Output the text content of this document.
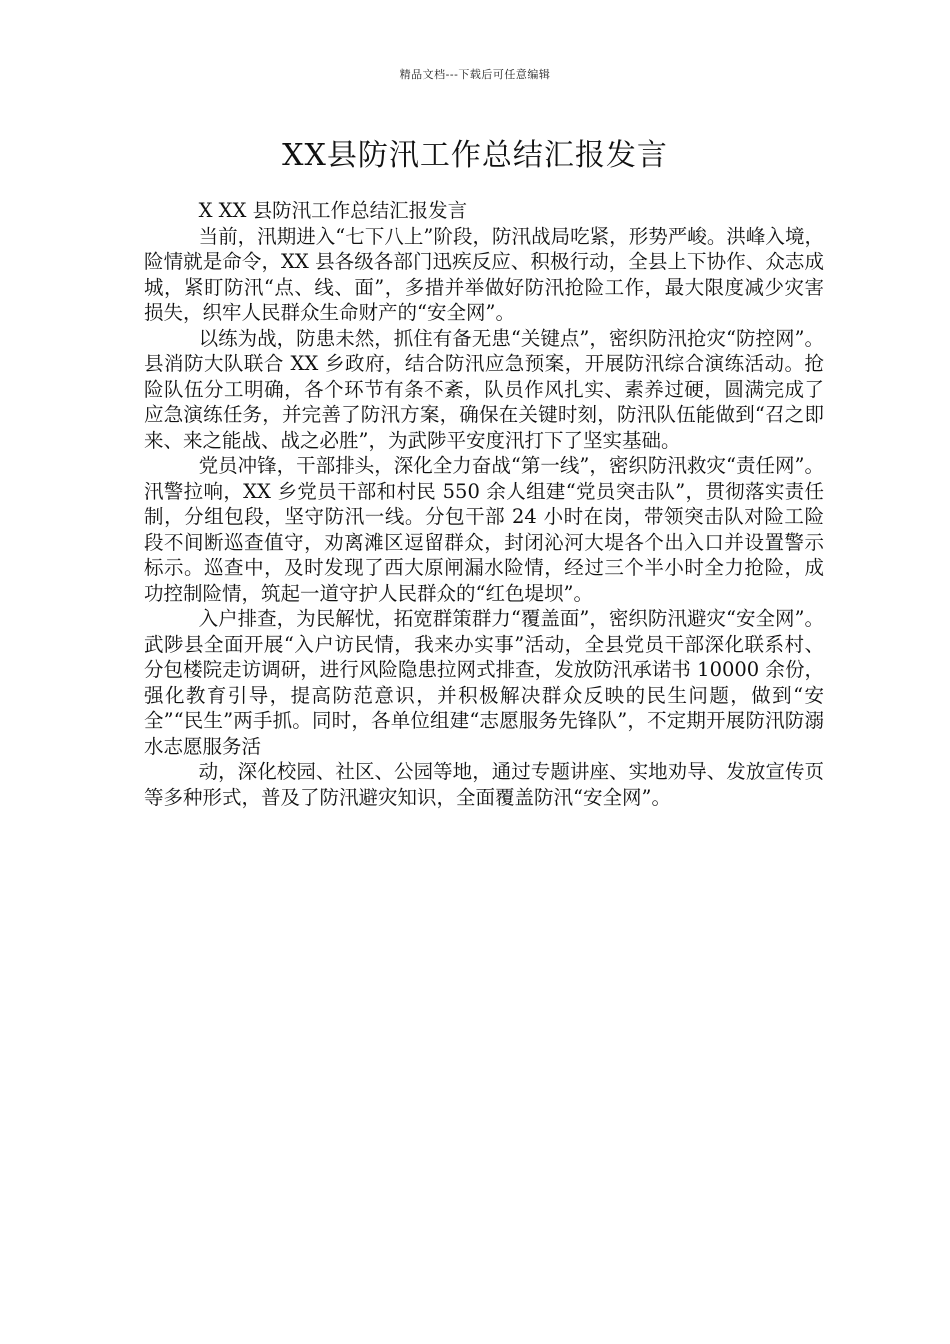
精品文档---下载后可任意编辑
XX县防汛工作总结汇报发言

X XX 县防汛工作总结汇报发言

当前，汛期进入“七下八上”阶段，防汛战局吃紧，形势严峻。洪峰入境，险情就是命令，XX 县各级各部门迅疾反应、积极行动，全县上下协作、众志成城，紧盯防汛“点、线、面”，多措并举做好防汛抢险工作，最大限度减少灾害损失，织牢人民群众生命财产的“安全网”。

以练为战，防患未然，抓住有备无患“关键点”，密织防汛抢灾“防控网”。县消防大队联合 XX 乡政府，结合防汛应急预案，开展防汛综合演练活动。抢险队伍分工明确，各个环节有条不紊，队员作风扎实、素养过硬，圆满完成了应急演练任务，并完善了防汛方案，确保在关键时刻，防汛队伍能做到“召之即来、来之能战、战之必胜”，为武陟平安度汛打下了坚实基础。

党员冲锋，干部排头，深化全力奋战“第一线”，密织防汛救灾“责任网”。汛警拉响，XX 乡党员干部和村民 550 余人组建“党员突击队”，贯彻落实责任制，分组包段，坚守防汛一线。分包干部 24 小时在岗，带领突击队对险工险段不间断巡查值守，劝离滩区逗留群众，封闭沁河大堤各个出入口并设置警示标示。巡查中，及时发现了西大原闸漏水险情，经过三个半小时全力抢险，成功控制险情，筑起一道守护人民群众的“红色堤坝”。

入户排查，为民解忧，拓宽群策群力“覆盖面”，密织防汛避灾“安全网”。武陟县全面开展“入户访民情，我来办实事”活动，全县党员干部深化联系村、分包楼院走访调研，进行风险隐患拉网式排查，发放防汛承诺书 10000 余份，强化教育引导，提高防范意识，并积极解决群众反映的民生问题，做到“安全”“民生”两手抓。同时，各单位组建“志愿服务先锋队”，不定期开展防汛防溺水志愿服务活

动，深化校园、社区、公园等地，通过专题讲座、实地劝导、发放宣传页等多种形式，普及了防汛避灾知识，全面覆盖防汛“安全网”。
